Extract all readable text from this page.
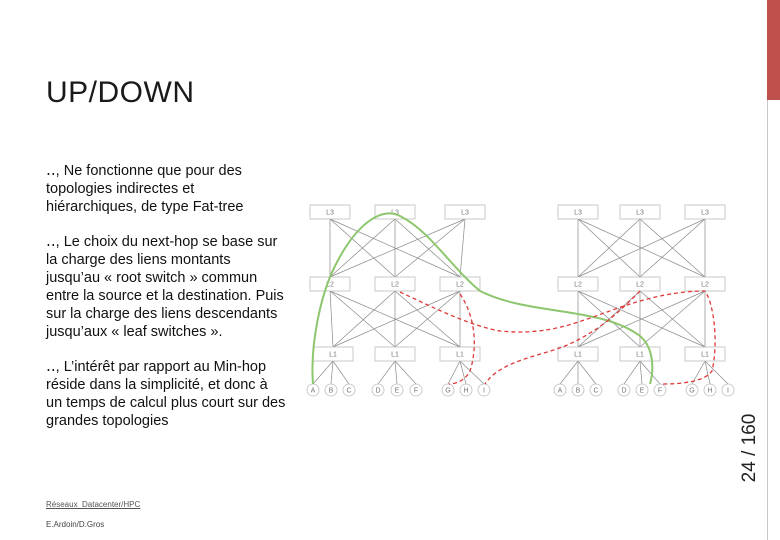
UP/DOWN
‥, Ne fonctionne que pour des topologies indirectes et hiérarchiques, de type Fat-tree
‥, Le choix du next-hop se base sur la charge des liens montants jusqu’au « root switch » commun entre la source et la destination. Puis sur la charge des liens descendants jusqu’aux « leaf switches ».
‥, L’intérêt par rapport au Min-hop réside dans la simplicité, et donc à un temps de calcul plus court sur des grandes topologies
Réseaux_Datacenter/HPC
E.Ardoin/D.Gros
24 / 160
L3	L3	L3
L2	L2	L2
L1	L1	L1
A B C	D E F	G H I
L3	L3	L3
L2	L2	L2
L1	L1	L1
A B C	D E F	G H I
